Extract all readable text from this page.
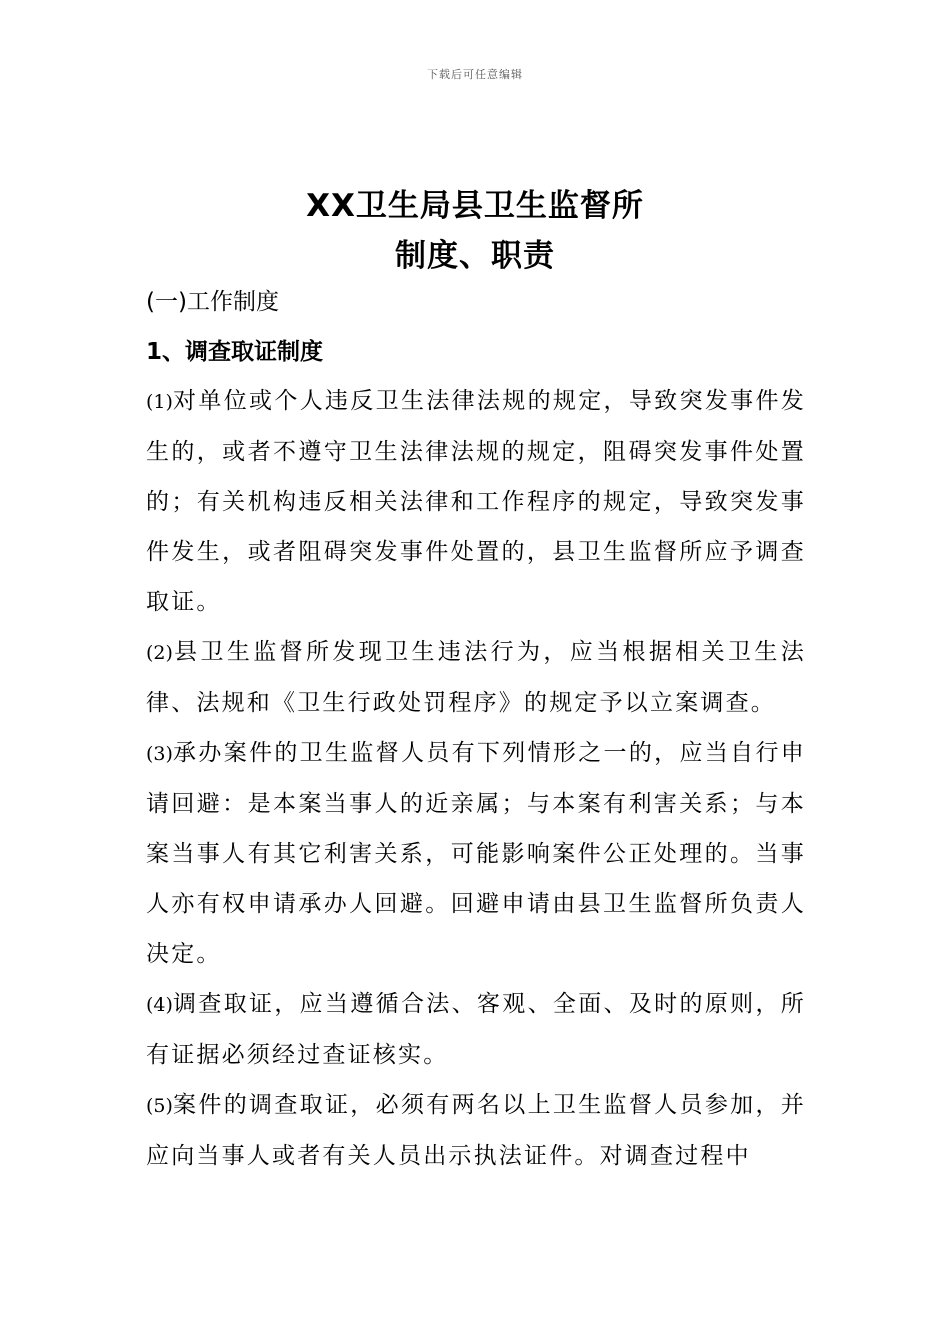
下载后可任意编辑
XX卫生局县卫生监督所
制度、职责
(一)工作制度
1、调查取证制度

(1)对单位或个人违反卫生法律法规的规定，导致突发事件发生的，或者不遵守卫生法律法规的规定，阻碍突发事件处置的；有关机构违反相关法律和工作程序的规定，导致突发事件发生，或者阻碍突发事件处置的，县卫生监督所应予调查取证。

(2)县卫生监督所发现卫生违法行为，应当根据相关卫生法律、法规和《卫生行政处罚程序》的规定予以立案调查。

(3)承办案件的卫生监督人员有下列情形之一的，应当自行申请回避：是本案当事人的近亲属；与本案有利害关系；与本案当事人有其它利害关系，可能影响案件公正处理的。当事人亦有权申请承办人回避。回避申请由县卫生监督所负责人决定。

(4)调查取证，应当遵循合法、客观、全面、及时的原则，所有证据必须经过查证核实。

(5)案件的调查取证，必须有两名以上卫生监督人员参加，并应向当事人或者有关人员出示执法证件。对调查过程中
